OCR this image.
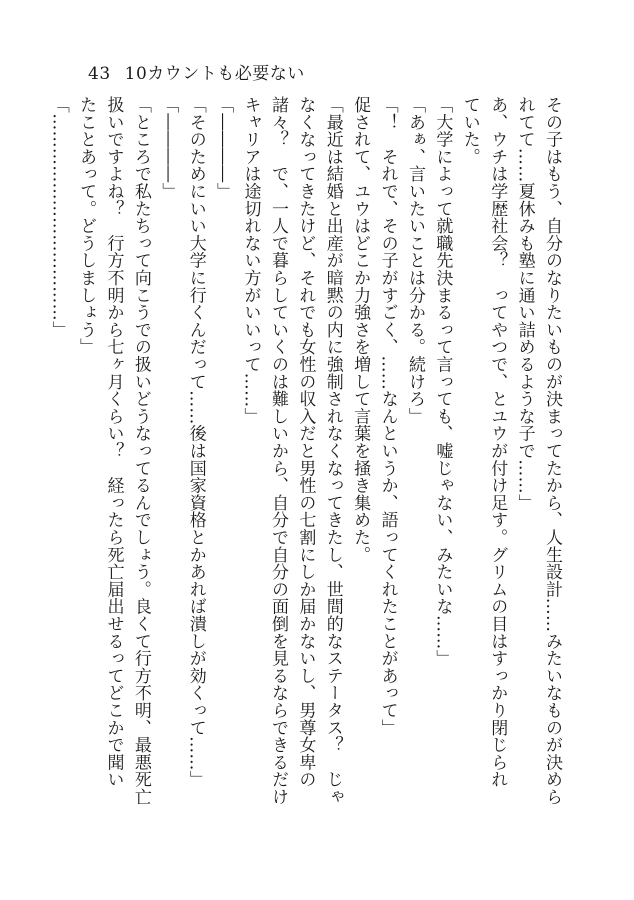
43 10カウントも必要ない

その子はもう、自分のなりたいものが決まってたから、人生設計……みたいなものが決めら

れてて……夏休みも塾に通い詰めるような子で……」

あ、ウチは学歴社会？　ってやつで、とユウが付け足す。グリムの目はすっかり閉じられ

ていた。

「大学によって就職先決まるって言っても、嘘じゃない、みたいな……」

「あぁ、言いたいことは分かる。続けろ」

「！　それで、その子がすごく、……なんというか、語ってくれたことがあって」

促されて、ユウはどこか力強さを増して言葉を掻き集めた。

「最近は結婚と出産が暗黙の内に強制されなくなってきたし、世間的なステータス？　じゃ

なくなってきたけど、それでも女性の収入だと男性の七割にしか届かないし、男尊女卑の

諸々？　で、一人で暮らしていくのは難しいから、自分で自分の面倒を見るならできるだけ

キャリアは途切れない方がいいって……」

「――――」

「そのためにいい大学に行くんだって……後は国家資格とかあれば潰しが効くって……」

「――――」

「ところで私たちって向こうでの扱いどうなってるんでしょう。良くて行方不明、最悪死亡

扱いですよね？　行方不明から七ヶ月くらい？　経ったら死亡届出せるってどこかで聞い

たことあって。どうしましょう」

「………………………………」
